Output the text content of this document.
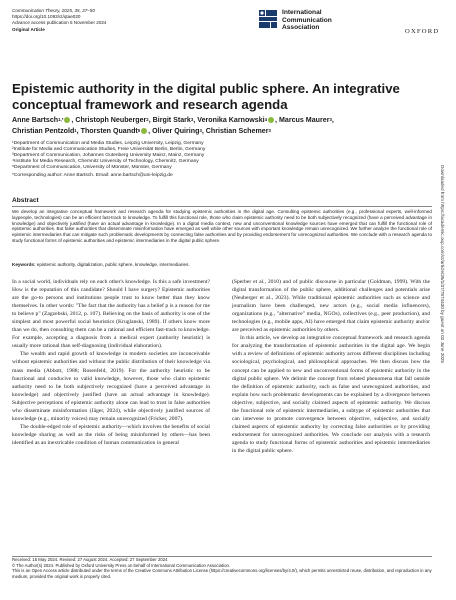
Communication Theory, 2025, 35, 37–50
https://doi.org/10.1093/ct/qtae020
Advance access publication 5 November 2024
Original Article
International
Communication
Association
OXFORD
Epistemic authority in the digital public sphere. An integrative conceptual framework and research agenda
Anne Bartsch$^{1,*}$ , Christoph Neuberger$^2$, Birgit Stark$^3$, Veronika Karnowski$^4$ , Marcus Maurer$^3$,
Christian Pentzold$^1$, Thorsten Quandt$^5$ , Oliver Quiring$^3$, Christian Schemer$^3$
¹Department of Communication and Media Studies, Leipzig University, Leipzig, Germany
²Institute for Media and Communication Studies, Freie Universität Berlin, Berlin, Germany
³Department of Communication, Johannes Gutenberg University Mainz, Mainz, Germany
⁴Institute for Media Research, Chemnitz University of Technology, Chemnitz, Germany
⁵Department of Communication, University of Münster, Münster, Germany
*Corresponding author: Anne Bartsch. Email: anne.bartsch@uni-leipzig.de
Abstract
We develop an integrative conceptual framework and research agenda for studying epistemic authorities in the digital age. Consulting epistemic authorities (e.g., professional experts, well-informed laypeople, technologies) can be an efficient fast-track to knowledge. To fulfill this functional role, those who claim epistemic authority need to be both subjectively recognized (have a perceived advantage in knowledge) and objectively justified (have an actual advantage in knowledge). In a digital media context, new and unconventional knowledge sources have emerged that can fulfill the functional role of epistemic authorities. But false authorities that disseminate misinformation have emerged as well while other sources with important knowledge remain unrecognized. We further analyze the functional role of epistemic intermediaries that can mitigate such problematic developments by connecting false authorities and by providing endorsement for unrecognized authorities. We conclude with a research agenda to study functional forms of epistemic authorities and epistemic intermediaries in the digital public sphere.
Keywords: epistemic authority, digitalization, public sphere, knowledge, intermediaries.

In a social world, individuals rely on each other's knowledge. Is this a safe investment? How is the reputation of this candidate? Should I have surgery? Epistemic authorities are the go-to persons and institutions people trust to know better than they know themselves. In other words: "The fact that the authority has a belief p is a reason for me to believe p" (Zagzebski, 2012, p. 107). Believing on the basis of authority is one of the simplest and most powerful social heuristics (Kruglanski, 1989). If others know more than we do, then consulting them can be a rational and efficient fast-track to knowledge. For example, accepting a diagnosis from a medical expert (authority heuristic) is usually more rational than self-diagnosing (individual elaboration).

The wealth and rapid growth of knowledge in modern societies are inconceivable without epistemic authorities and without the public distribution of their knowledge via mass media (Abbott, 1988; Rosenfeld, 2019). For the authority heuristic to be functional and conducive to valid knowledge, however, those who claim epistemic authority need to be both subjectively recognized (have a perceived advantage in knowledge) and objectively justified (have an actual advantage in knowledge). Subjective perceptions of epistemic authority alone can lead to trust in false authorities who disseminate misinformation (Jäger, 2024), while objectively justified sources of knowledge (e.g., minority voices) may remain unrecognized (Fricker, 2007).

The double-edged role of epistemic authority—which involves the benefits of social knowledge sharing as well as the risks of being misinformed by others—has been identified as an inextricable condition of human communication in general

(Sperber et al., 2010) and of public discourse in particular (Goldman, 1999). With the digital transformation of the public sphere, additional challenges and potentials arise (Neuberger et al., 2023). While traditional epistemic authorities such as science and journalism have been challenged, new actors (e.g., social media influencers), organizations (e.g., "alternative" media, NGOs), collectives (e.g., peer production), and technologies (e.g., mobile apps, AI) have emerged that claim epistemic authority and/or are perceived as epistemic authorities by others.

In this article, we develop an integrative conceptual framework and research agenda for analyzing the transformation of epistemic authorities in the digital age. We begin with a review of definitions of epistemic authority across different disciplines including sociological, psychological, and philosophical approaches. We then discuss how the concept can be applied to new and unconventional forms of epistemic authority in the digital public sphere. We delimit the concept from related phenomena that fall outside the definition of epistemic authority, such as false and unrecognized authorities, and explain how such problematic developments can be explained by a divergence between objective, subjective, and socially claimed aspects of epistemic authority. We discuss the functional role of epistemic intermediaries, a subtype of epistemic authorities that can intervene to promote convergence between objective, subjective, and socially claimed aspects of epistemic authority by correcting false authorities or by providing endorsement for unrecognized authorities. We conclude our analysis with a research agenda to study functional forms of epistemic authorities and epistemic intermediaries in the digital public sphere.

Received: 15 May 2024. Revised: 27 August 2024. Accepted: 27 September 2024
© The Author(s) 2024. Published by Oxford University Press on behalf of International Communication Association.
This is an Open Access article distributed under the terms of the Creative Commons Attribution License (https://creativecommons.org/licenses/by/4.0/), which permits unrestricted reuse, distribution, and reproduction in any medium, provided the original work is properly cited.
Downloaded from https://academic.oup.com/ct/article/35/1/37/7874430 by guest on 02 June 2025
